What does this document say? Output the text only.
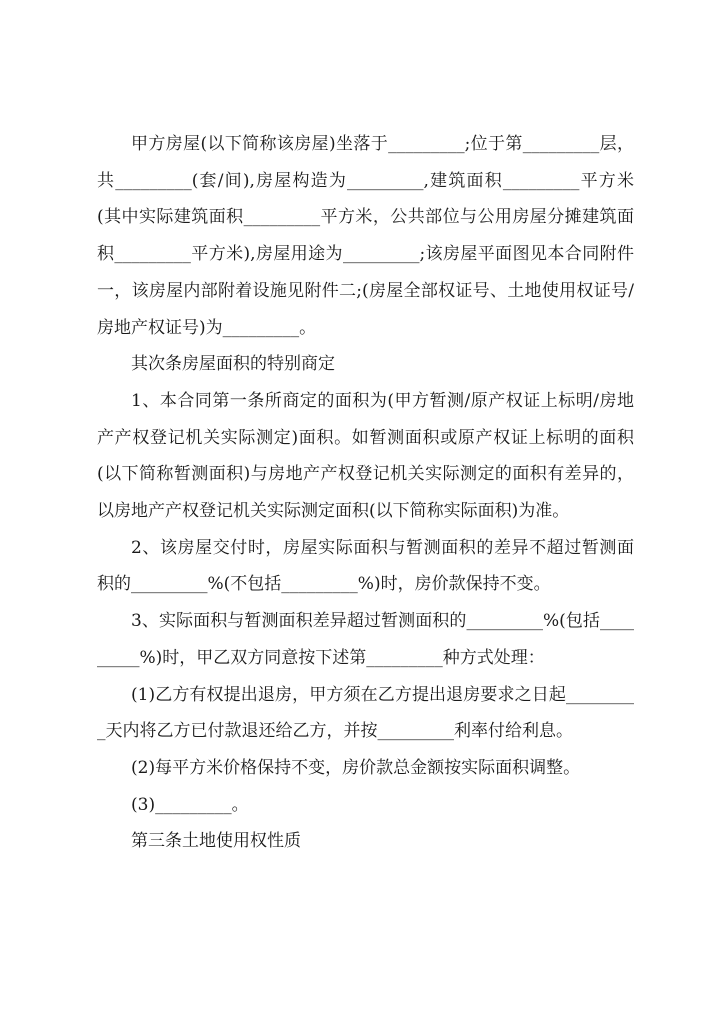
甲方房屋(以下简称该房屋)坐落于_________;位于第_________层，共_________(套/间),房屋构造为_________,建筑面积_________平方米(其中实际建筑面积_________平方米，公共部位与公用房屋分摊建筑面积_________平方米),房屋用途为_________;该房屋平面图见本合同附件一，该房屋内部附着设施见附件二;(房屋全部权证号、土地使用权证号/房地产权证号)为_________。

其次条房屋面积的特别商定

1、本合同第一条所商定的面积为(甲方暂测/原产权证上标明/房地产产权登记机关实际测定)面积。如暂测面积或原产权证上标明的面积(以下简称暂测面积)与房地产产权登记机关实际测定的面积有差异的，以房地产产权登记机关实际测定面积(以下简称实际面积)为准。

2、该房屋交付时，房屋实际面积与暂测面积的差异不超过暂测面积的_________%(不包括_________%)时，房价款保持不变。

3、实际面积与暂测面积差异超过暂测面积的_________%(包括_________%)时，甲乙双方同意按下述第_________种方式处理：

(1)乙方有权提出退房，甲方须在乙方提出退房要求之日起_________天内将乙方已付款退还给乙方，并按_________利率付给利息。

(2)每平方米价格保持不变，房价款总金额按实际面积调整。

(3)_________。

第三条土地使用权性质
